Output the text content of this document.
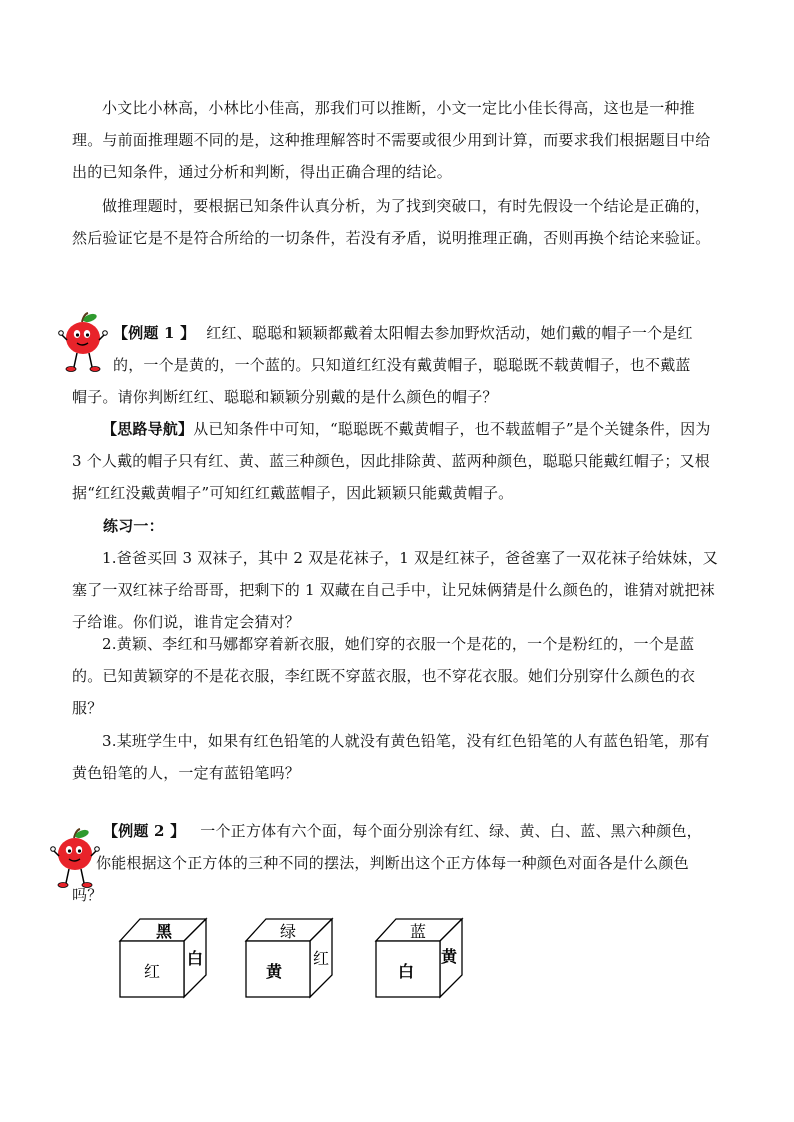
小文比小林高，小林比小佳高，那我们可以推断，小文一定比小佳长得高，这也是一种推理。与前面推理题不同的是，这种推理解答时不需要或很少用到计算，而要求我们根据题目中给出的已知条件，通过分析和判断，得出正确合理的结论。
做推理题时，要根据已知条件认真分析，为了找到突破口，有时先假设一个结论是正确的，然后验证它是不是符合所给的一切条件，若没有矛盾，说明推理正确，否则再换个结论来验证。
【例题 1 】 红红、聪聪和颖颖都戴着太阳帽去参加野炊活动，她们戴的帽子一个是红
的，一个是黄的，一个蓝的。只知道红红没有戴黄帽子，聪聪既不载黄帽子，也不戴蓝
帽子。请你判断红红、聪聪和颖颖分别戴的是什么颜色的帽子？
【思路导航】从已知条件中可知，“聪聪既不戴黄帽子，也不载蓝帽子”是个关键条件，因为 3 个人戴的帽子只有红、黄、蓝三种颜色，因此排除黄、蓝两种颜色，聪聪只能戴红帽子；又根据“红红没戴黄帽子”可知红红戴蓝帽子，因此颖颖只能戴黄帽子。
练习一：
1.爸爸买回 3 双袜子，其中 2 双是花袜子，1 双是红袜子，爸爸塞了一双花袜子给妹妹，又塞了一双红袜子给哥哥，把剩下的 1 双藏在自己手中，让兄妹俩猜是什么颜色的，谁猜对就把袜子给谁。你们说，谁肯定会猜对？
2.黄颖、李红和马娜都穿着新衣服，她们穿的衣服一个是花的，一个是粉红的，一个是蓝的。已知黄颖穿的不是花衣服，李红既不穿蓝衣服，也不穿花衣服。她们分别穿什么颜色的衣服？
3.某班学生中，如果有红色铅笔的人就没有黄色铅笔，没有红色铅笔的人有蓝色铅笔，那有黄色铅笔的人，一定有蓝铅笔吗？
【例题 2 】 一个正方体有六个面，每个面分别涂有红、绿、黄、白、蓝、黑六种颜色，
你能根据这个正方体的三种不同的摆法，判断出这个正方体每一种颜色对面各是什么颜色
吗？
黑
红
白
绿
黄
红
蓝
白
黄
